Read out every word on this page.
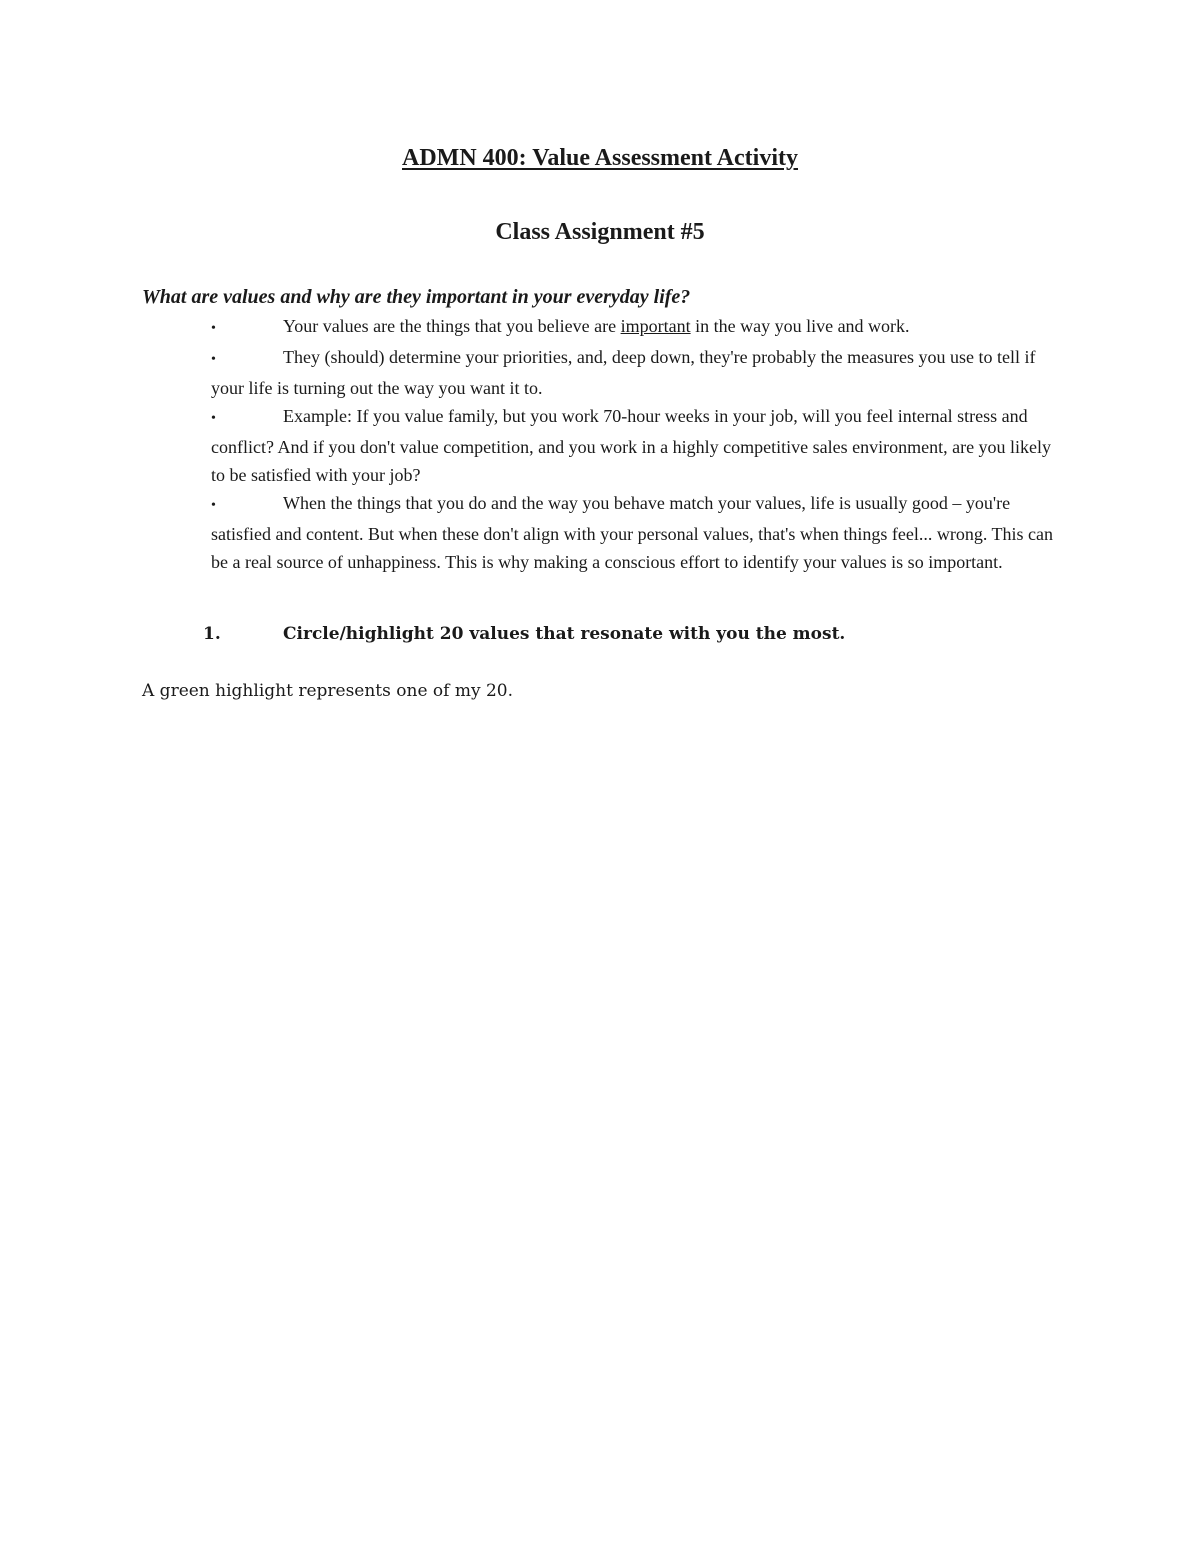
ADMN 400: Value Assessment Activity
Class Assignment #5

What are values and why are they important in your everyday life?

•	Your values are the things that you believe are important in the way you live and work.
•	They (should) determine your priorities, and, deep down, they're probably the measures you use to tell if your life is turning out the way you want it to.
•	Example: If you value family, but you work 70-hour weeks in your job, will you feel internal stress and conflict? And if you don't value competition, and you work in a highly competitive sales environment, are you likely to be satisfied with your job?
•	When the things that you do and the way you behave match your values, life is usually good – you're satisfied and content. But when these don't align with your personal values, that's when things feel... wrong. This can be a real source of unhappiness. This is why making a conscious effort to identify your values is so important.

1.	Circle/highlight 20 values that resonate with you the most.

A green highlight represents one of my 20.
